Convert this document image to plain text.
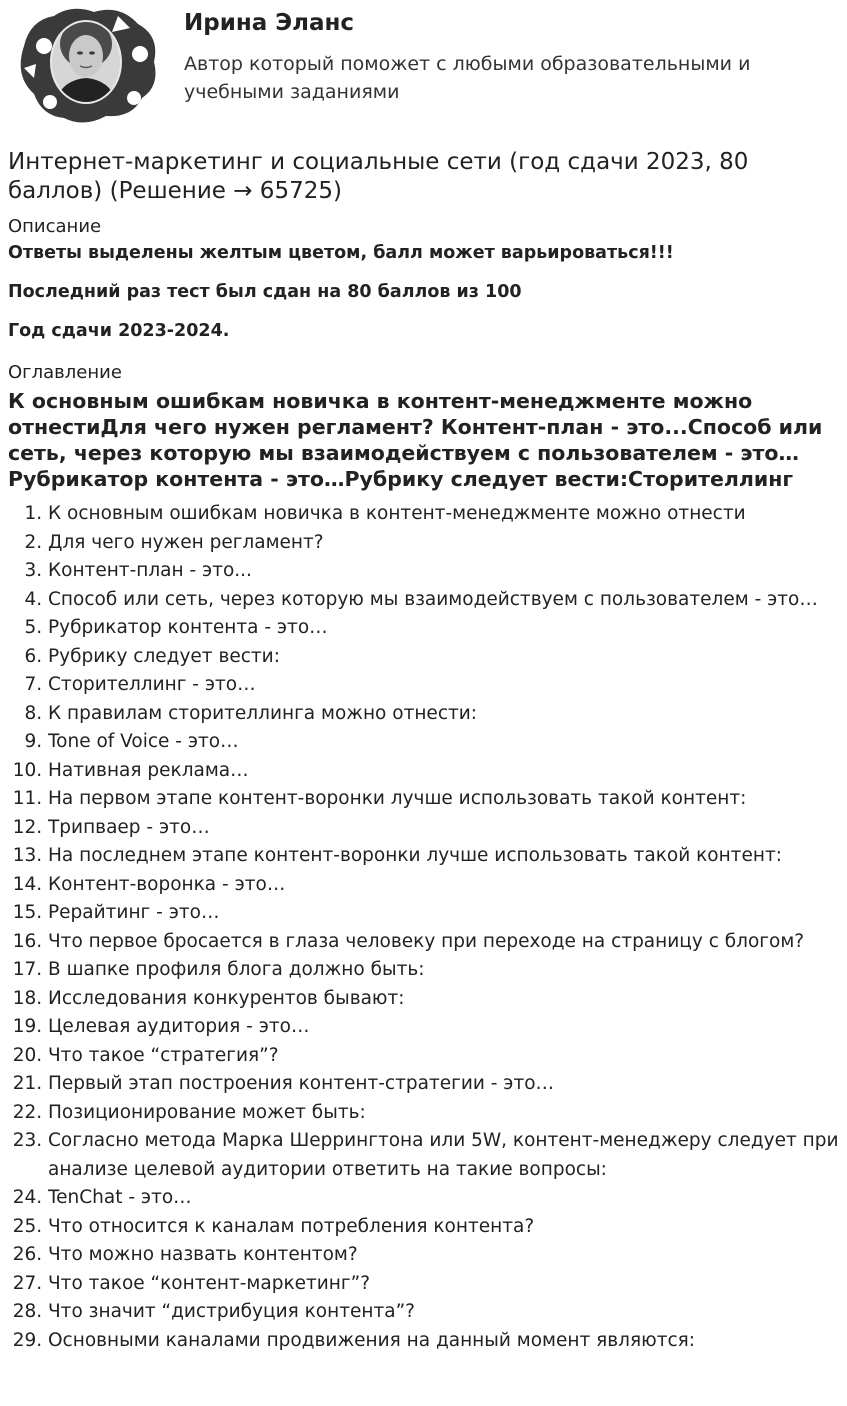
Ирина Эланс
Автор который поможет с любыми образовательными и учебными заданиями
Интернет-маркетинг и социальные сети (год сдачи 2023, 80 баллов) (Решение → 65725)
Описание

Ответы выделены желтым цветом, балл может варьироваться!!!

Последний раз тест был сдан на 80 баллов из 100

Год сдачи 2023-2024.

Оглавление
К основным ошибкам новичка в контент-менеджменте можно отнестиДля чего нужен регламент? Контент-план - это...Способ или сеть, через которую мы взаимодействуем с пользователем - это… Рубрикатор контента - это…Рубрику следует вести:Сторителлинг
1. К основным ошибкам новичка в контент-менеджменте можно отнести
2. Для чего нужен регламент?
3. Контент-план - это...
4. Способ или сеть, через которую мы взаимодействуем с пользователем - это…
5. Рубрикатор контента - это…
6. Рубрику следует вести:
7. Сторителлинг - это…
8. К правилам сторителлинга можно отнести:
9. Tone of Voice - это…
10. Нативная реклама…
11. На первом этапе контент-воронки лучше использовать такой контент:
12. Трипваер - это…
13. На последнем этапе контент-воронки лучше использовать такой контент:
14. Контент-воронка - это…
15. Рерайтинг - это…
16. Что первое бросается в глаза человеку при переходе на страницу с блогом?
17. В шапке профиля блога должно быть:
18. Исследования конкурентов бывают:
19. Целевая аудитория - это…
20. Что такое “стратегия”?
21. Первый этап построения контент-стратегии - это…
22. Позиционирование может быть:
23. Согласно метода Марка Шеррингтона или 5W, контент-менеджеру следует при анализе целевой аудитории ответить на такие вопросы:
24. TenChat - это…
25. Что относится к каналам потребления контента?
26. Что можно назвать контентом?
27. Что такое “контент-маркетинг”?
28. Что значит “дистрибуция контента”?
29. Основными каналами продвижения на данный момент являются:
